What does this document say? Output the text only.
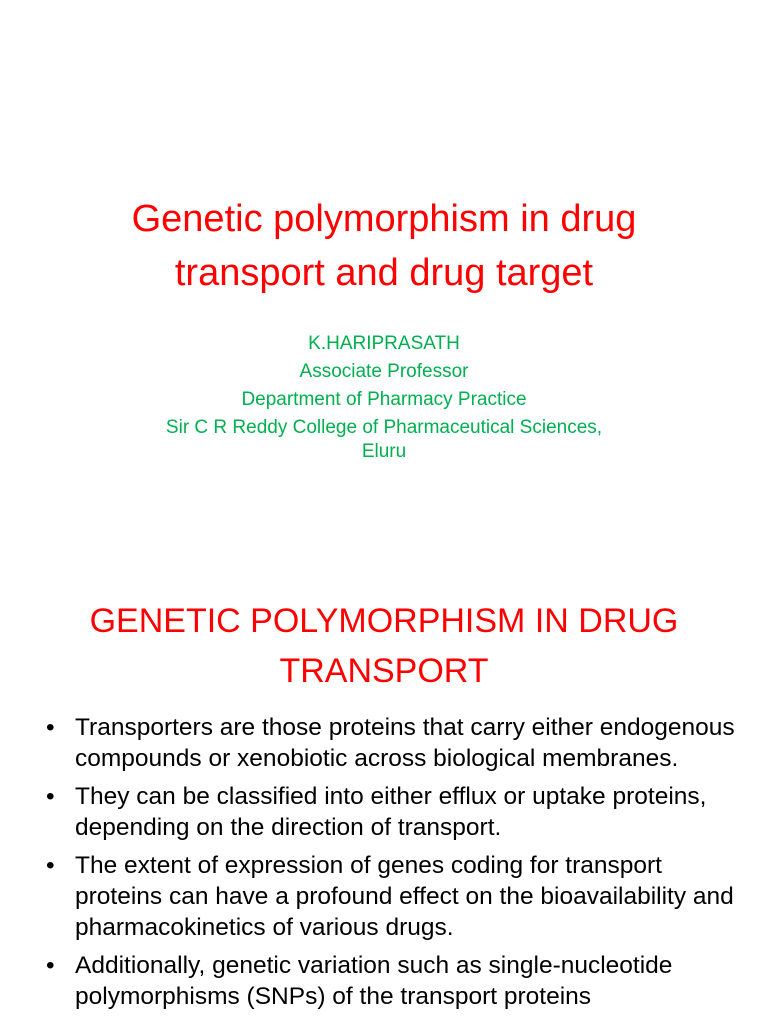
Genetic polymorphism in drug
transport and drug target
K.HARIPRASATH
Associate Professor
Department of Pharmacy Practice
Sir C R Reddy College of Pharmaceutical Sciences,
Eluru
GENETIC POLYMORPHISM IN DRUG
TRANSPORT
• Transporters are those proteins that carry either endogenous compounds or xenobiotic across biological membranes.
• They can be classified into either efflux or uptake proteins, depending on the direction of transport.
• The extent of expression of genes coding for transport proteins can have a profound effect on the bioavailability and pharmacokinetics of various drugs.
• Additionally, genetic variation such as single-nucleotide polymorphisms (SNPs) of the transport proteins
